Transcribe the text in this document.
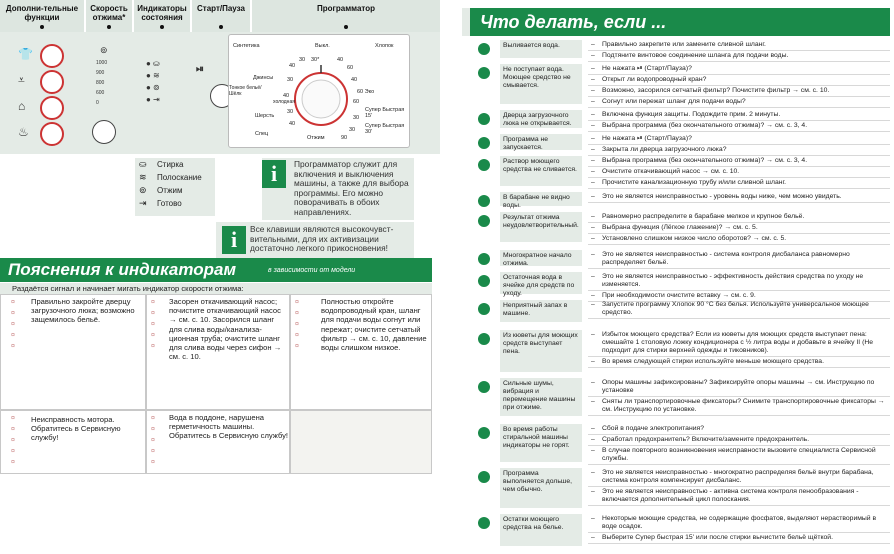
Дополни-тельные функции
Скорость отжима*
Индикаторы состояния
Старт/Пауза	Программатор
👕
⩡
⌂
♨
⊚
1000
900
800
600
0
● ⛀
● ≋
● ⊚
● ⇥
⏯
Выкл.
Отжим
Синтетика
Джинсы
Тонкое бельё/Шёлк
холодная
Шерсть
Спец
Хлопок
60 Эко
Супер Быстрая 15'
Супер Быстрая 30'
40
30 30*	40
60
40
30
30
40
30
30
40
60
90
⛀ Стирка
≋ Полоскание
⊚ Отжим
⇥ Готово
i	Программатор служит для включения и выключения машины, а также для выбора программы. Его можно поворачивать в обоих направлениях.

i	Все клавиши являются высокочувст-вительными, для их активизации достаточно легкого прикосновения!

Пояснения к индикаторам	в зависимости от модели
Раздаётся сигнал и начинает мигать индикатор скорости отжима:
¤
¤
¤
¤
¤
Правильно закройте дверцу загрузочного люка; возможно защемилось бельё.
¤
¤
¤
¤
¤
Засорен откачивающий насос; почистите откачивающий насос → см. с. 10. Засорился шланг для слива воды/канализа-ционная труба; очистите шланг для слива воды через сифон → см. с. 10.
¤
¤
¤
¤
¤
Полностью откройте водопроводный кран, шланг для подачи воды согнут или пережат; очистите сетчатый фильтр → см. с. 10, давление воды слишком низкое.
¤
¤
¤
¤
¤
Неисправность мотора. Обратитесь в Сервисную службу!
¤
¤
¤
¤
¤
Вода в поддоне, нарушена герметичность машины. Обратитесь в Сервисную службу!
Что делать, если ...
Выливается вода.
–	Правильно закрепите или замените сливной шланг.
– Подтяните винтовое соединение шланга для подачи воды.
Не поступает вода. Моющее средство не смывается.
– Не нажата ⏯ (Старт/Пауза)?
– Открыт ли водопроводный кран?
– Возможно, засорился сетчатый фильтр? Почистите фильтр → см. с. 10.
– Согнут или пережат шланг для подачи воды?
Дверца загрузочного люка не открывается.
– Включена функция защиты. Подождите прим. 2 минуты.
– Выбрана программа (без окончательного отжима)? → см. с. 3, 4.
Программа не запускается.
– Не нажата ⏯ (Старт/Пауза)?
– Закрыта ли дверца загрузочного люка?
Раствор моющего средства не сливается.
– Выбрана программа (без окончательного отжима)? → см. с. 3, 4.
– Очистите откачивающий насос → см. с. 10.
– Прочистите канализационную трубу и/или сливной шланг.
В барабане не видно воды.
– Это не является неисправностью - уровень воды ниже, чем можно увидеть.
Результат отжима неудовлетворительный.
– Равномерно распределите в барабане мелкое и крупное бельё.
– Выбрана функция (Лёгкое глажение)? → см. с. 5.
– Установлено слишком низкое число оборотов? → см. с. 5.
Многократное начало отжима.
– Это не является неисправностью - система контроля дисбаланса равномерно распределяет бельё.
Остаточная вода в ячейке для средств по уходу.
– Это не является неисправностью - эффективность действия средства по уходу не изменяется.
– При необходимости очистите вставку → см. с. 9.
Неприятный запах в машине.
– Запустите программу Хлопок 90 °C без белья. Используйте универсальное моющее средство.
Из кюветы для моющих средств выступает пена.
– Избыток моющего средства? Если из кюветы для моющих средств выступает пена: смешайте 1 столовую ложку кондиционера с ½ литра воды и добавьте в ячейку II (Не подходит для стирки верхней одежды и тиковников).
– Во время следующей стирки используйте меньше моющего средства.
Сильные шумы, вибрация и перемещение машины при отжиме.
– Опоры машины зафиксированы? Зафиксируйте опоры машины → см. Инструкцию по установке
– Сняты ли транспортировочные фиксаторы? Снимите транспортировочные фиксаторы → см. Инструкцию по установке.
Во время работы стиральной машины индикаторы не горят.
– Сбой в подаче электропитания?
– Сработал предохранитель? Включите/замените предохранитель.
– В случае повторного возникновения неисправности вызовите специалиста Сервисной службы.
Программа выполняется дольше, чем обычно.
– Это не является неисправностью - многократно распределяя бельё внутри барабана, система контроля компенсирует дисбаланс.
– Это не является неисправностью - активна система контроля пенообразования - включается дополнительный цикл полоскания.
Остатки моющего средства на белье.
– Некоторые моющие средства, не содержащие фосфатов, выделяют нерастворимый в воде осадок.
– Выберите Супер быстрая 15' или после стирки вычистите бельё щёткой.
